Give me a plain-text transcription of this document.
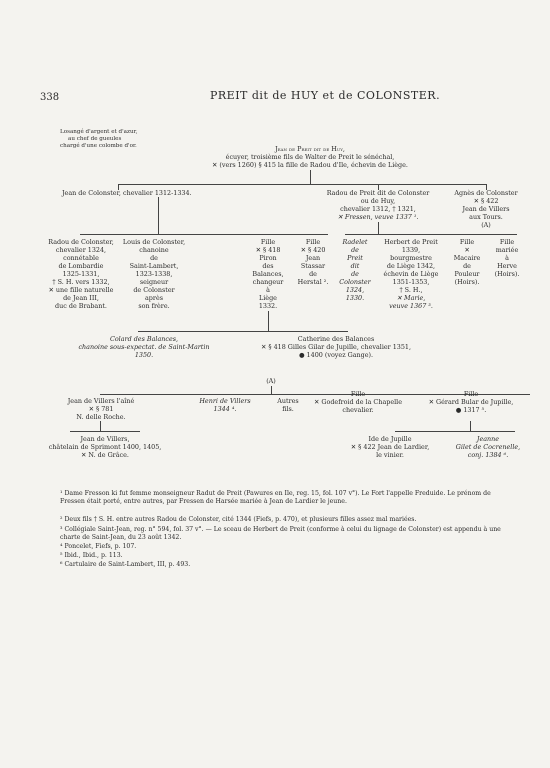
338	PREIT dit de HUY et de COLONSTER.
Losangé d'argent et d'azur,
au chef de gueules
chargé d'une colombe d'or.	Jean de Preit dit de Huy,
écuyer, troisième fils de Walter de Preit le sénéchal,
✕ (vers 1260) § 415 la fille de Radou d'Ile, échevin de Liège.
Jean de Colonster, chevalier 1312-1334.	Radou de Preit dit de Colonster
ou de Huy,
chevalier 1312, † 1321,
✕ Fressen, veuve 1337 ¹.
Agnès de Colonster
✕ § 422
Jean de Villers
aux Tours.
(A)
Radou de Colonster,
chevalier 1324,
connétable
de Lombardie
1325-1331,
† S. H. vers 1332,
✕ une fille naturelle
de Jean III,
duc de Brabant.
Louis de Colonster,
chanoine
de
Saint-Lambert,
1323-1338,
seigneur
de Colonster
après
son frère.
Fille
✕ § 418
Piron
des
Balances,
changeur
à
Liège
1332.
Fille
✕ § 420
Jean
Stassar
de
Herstal ².
Radelet
de
Preit
dit
de
Colonster
1324,
1330.
Herbert de Preit
1339,
bourgmestre
de Liège 1342,
échevin de Liège
1351-1353,
† S. H.,
✕ Marie,
veuve 1367 ³.
Fille
✕
Macaire
de
Pouleur
(Hoirs).
Fille
mariée
à
Herve
(Hoirs).
Colard des Balances,
chanoine sous-expectat. de Saint-Martin
1350.
Catherine des Balances
✕ § 418 Gilles Gilar de Jupille, chevalier 1351,
● 1400 (voyez Gange).
(A)
Jean de Villers l'aîné
✕ § 781
N. delle Roche.
Henri de Villers
1344 ⁴.
Autres
fils.
Fille
✕ Godefroid de la Chapelle
chevalier.
Fille
✕ Gérard Bular de Jupille,
● 1317 ⁵.
Jean de Villers,
châtelain de Sprimont 1400, 1405,
✕ N. de Grâce.
Ide de Jupille
✕ § 422 Jean de Lardier,
le vinier.
Jeanne
Gilet de Cocrenelle,
conj. 1384 ⁶.
¹ Dame Fresson ki fut femme monseigneur Radut de Preit (Pawures en Ile, reg. 15, fol. 107 v°). Le Fort l'appelle Freduide. Le prénom de Fressen était porté, entre autres, par Fressen de Harsée mariée à Jean de Lardier le jeune.
² Deux fils † S. H. entre autres Radou de Colonster, cité 1344 (Fiefs, p. 470), et plusieurs filles assez mal mariées.
³ Collégiale Saint-Jean, reg. n° 594, fol. 37 v°. — Le sceau de Herbert de Preit (conforme à celui du lignage de Colonster) est appendu à une charte de Saint-Jean, du 23 août 1342.
⁴ Poncelet, Fiefs, p. 107.
⁵ Ibid., Ibid., p. 113.
⁶ Cartulaire de Saint-Lambert, III, p. 493.
